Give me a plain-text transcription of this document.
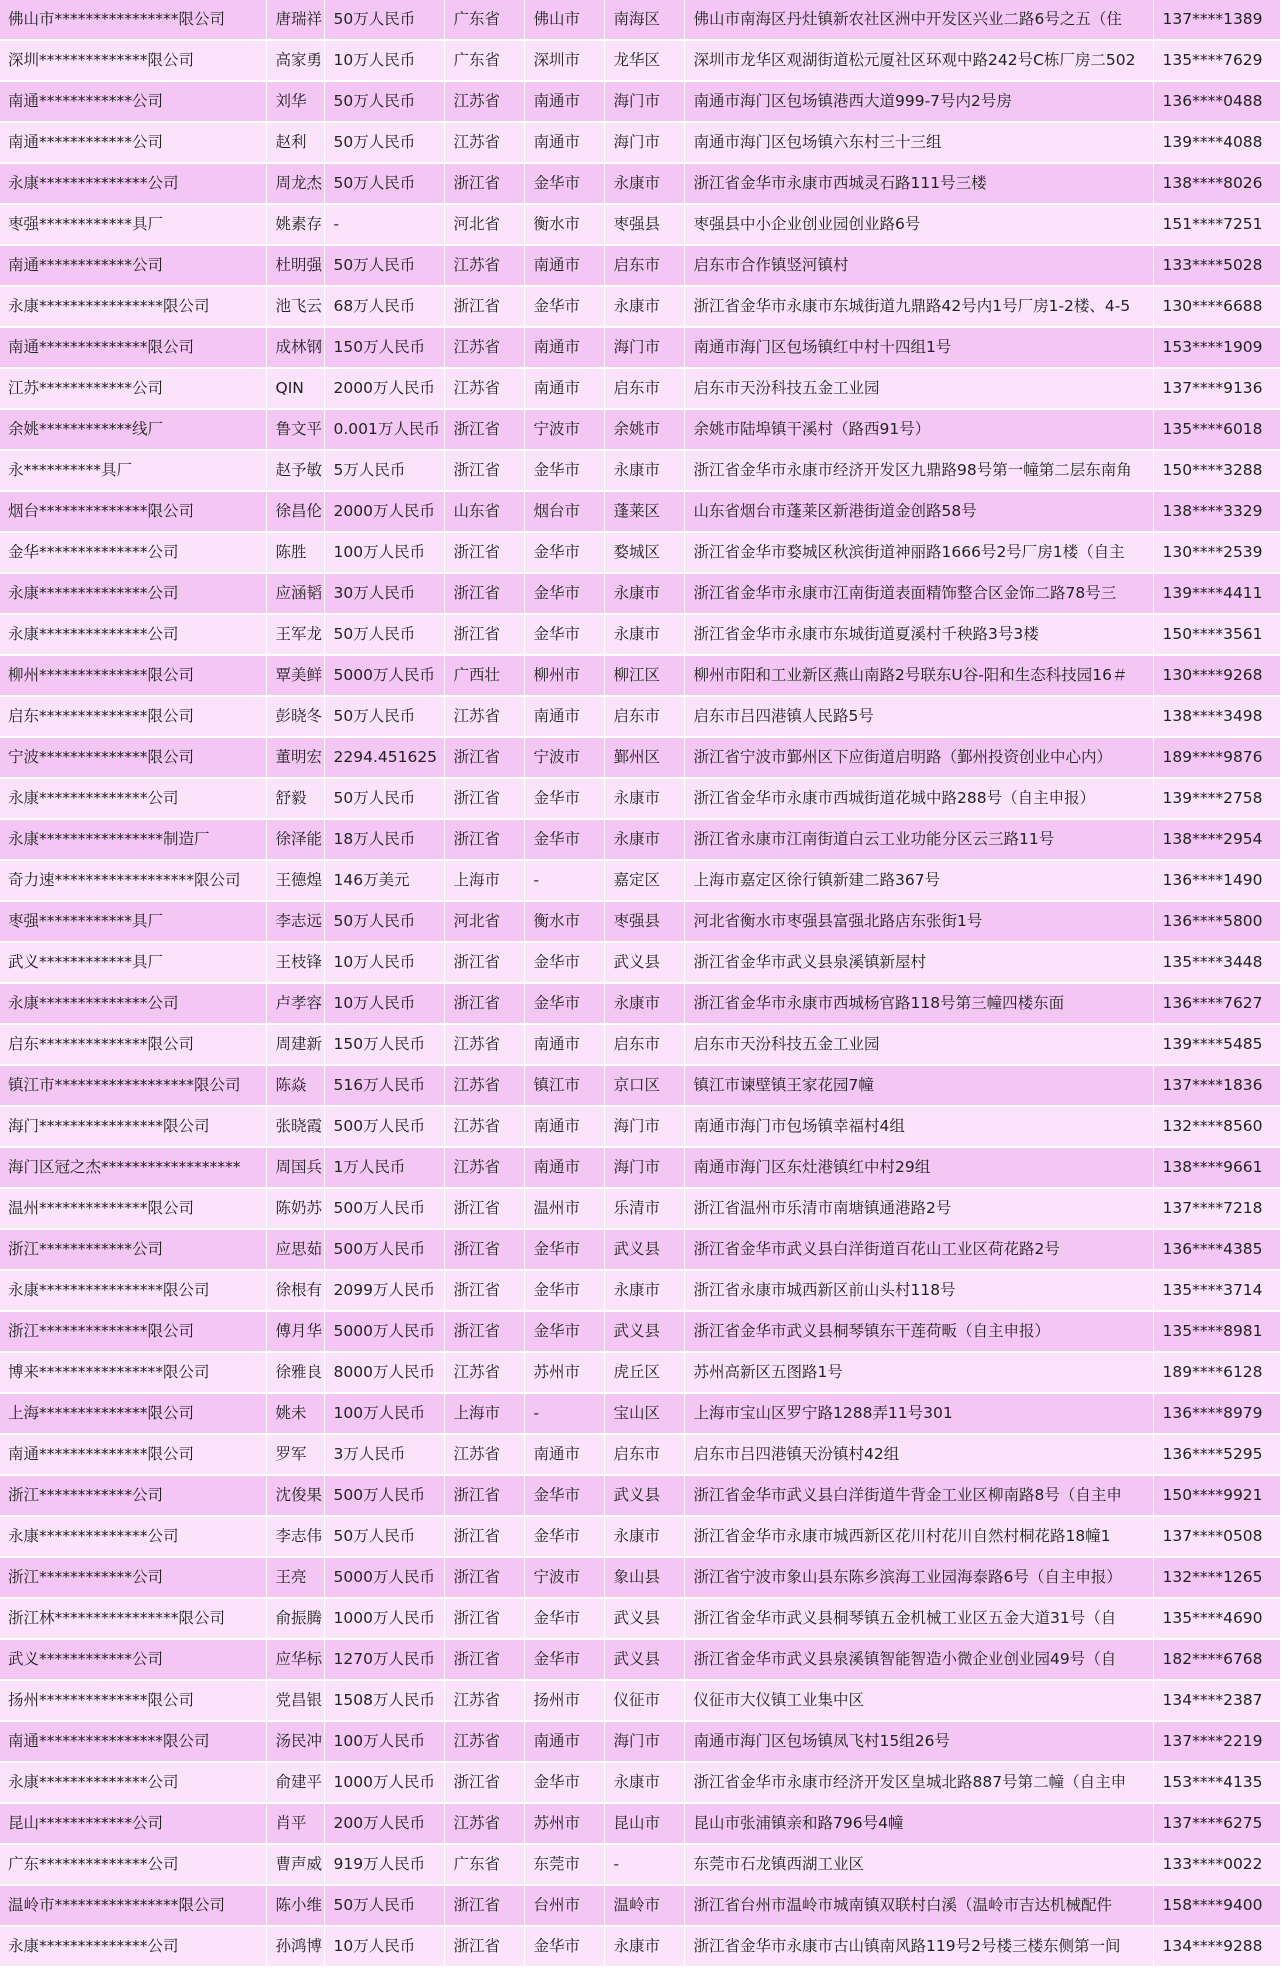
佛山市****************限公司	唐瑞祥	50万人民币	广东省	佛山市	南海区	佛山市南海区丹灶镇新农社区洲中开发区兴业二路6号之五（住	137****1389
深圳**************限公司	高家勇	10万人民币	广东省	深圳市	龙华区	深圳市龙华区观湖街道松元厦社区环观中路242号C栋厂房二502	135****7629
南通************公司	刘华	50万人民币	江苏省	南通市	海门市	南通市海门区包场镇港西大道999-7号内2号房	136****0488
南通************公司	赵利	50万人民币	江苏省	南通市	海门市	南通市海门区包场镇六东村三十三组	139****4088
永康**************公司	周龙杰	50万人民币	浙江省	金华市	永康市	浙江省金华市永康市西城灵石路111号三楼	138****8026
枣强************具厂	姚素存	-	河北省	衡水市	枣强县	枣强县中小企业创业园创业路6号	151****7251
南通************公司	杜明强	50万人民币	江苏省	南通市	启东市	启东市合作镇竖河镇村	133****5028
永康****************限公司	池飞云	68万人民币	浙江省	金华市	永康市	浙江省金华市永康市东城街道九鼎路42号内1号厂房1-2楼、4-5	130****6688
南通**************限公司	成林钢	150万人民币	江苏省	南通市	海门市	南通市海门区包场镇红中村十四组1号	153****1909
江苏************公司	QIN	2000万人民币	江苏省	南通市	启东市	启东市天汾科技五金工业园	137****9136
余姚************线厂	鲁文平	0.001万人民币	浙江省	宁波市	余姚市	余姚市陆埠镇干溪村（路西91号）	135****6018
永**********具厂	赵予敏	5万人民币	浙江省	金华市	永康市	浙江省金华市永康市经济开发区九鼎路98号第一幢第二层东南角	150****3288
烟台**************限公司	徐昌伦	2000万人民币	山东省	烟台市	蓬莱区	山东省烟台市蓬莱区新港街道金创路58号	138****3329
金华**************公司	陈胜	100万人民币	浙江省	金华市	婺城区	浙江省金华市婺城区秋滨街道神丽路1666号2号厂房1楼（自主	130****2539
永康**************公司	应涵韬	30万人民币	浙江省	金华市	永康市	浙江省金华市永康市江南街道表面精饰整合区金饰二路78号三	139****4411
永康**************公司	王军龙	50万人民币	浙江省	金华市	永康市	浙江省金华市永康市东城街道夏溪村千秧路3号3楼	150****3561
柳州**************限公司	覃美鲜	5000万人民币	广西壮	柳州市	柳江区	柳州市阳和工业新区燕山南路2号联东U谷-阳和生态科技园16＃	130****9268
启东**************限公司	彭晓冬	50万人民币	江苏省	南通市	启东市	启东市吕四港镇人民路5号	138****3498
宁波**************限公司	董明宏	2294.451625	浙江省	宁波市	鄞州区	浙江省宁波市鄞州区下应街道启明路（鄞州投资创业中心内）	189****9876
永康**************公司	舒毅	50万人民币	浙江省	金华市	永康市	浙江省金华市永康市西城街道花城中路288号（自主申报）	139****2758
永康****************制造厂	徐泽能	18万人民币	浙江省	金华市	永康市	浙江省永康市江南街道白云工业功能分区云三路11号	138****2954
奇力速******************限公司	王德煌	146万美元	上海市	-	嘉定区	上海市嘉定区徐行镇新建二路367号	136****1490
枣强************具厂	李志远	50万人民币	河北省	衡水市	枣强县	河北省衡水市枣强县富强北路店东张街1号	136****5800
武义************具厂	王枝锋	10万人民币	浙江省	金华市	武义县	浙江省金华市武义县泉溪镇新屋村	135****3448
永康**************公司	卢孝容	10万人民币	浙江省	金华市	永康市	浙江省金华市永康市西城杨官路118号第三幢四楼东面	136****7627
启东**************限公司	周建新	150万人民币	江苏省	南通市	启东市	启东市天汾科技五金工业园	139****5485
镇江市******************限公司	陈焱	516万人民币	江苏省	镇江市	京口区	镇江市谏壁镇王家花园7幢	137****1836
海门****************限公司	张晓霞	500万人民币	江苏省	南通市	海门市	南通市海门市包场镇幸福村4组	132****8560
海门区冠之杰******************	周国兵	1万人民币	江苏省	南通市	海门市	南通市海门区东灶港镇红中村29组	138****9661
温州**************限公司	陈奶苏	500万人民币	浙江省	温州市	乐清市	浙江省温州市乐清市南塘镇通港路2号	137****7218
浙江************公司	应思茹	500万人民币	浙江省	金华市	武义县	浙江省金华市武义县白洋街道百花山工业区荷花路2号	136****4385
永康****************限公司	徐根有	2099万人民币	浙江省	金华市	永康市	浙江省永康市城西新区前山头村118号	135****3714
浙江**************限公司	傅月华	5000万人民币	浙江省	金华市	武义县	浙江省金华市武义县桐琴镇东干莲荷畈（自主申报）	135****8981
博来****************限公司	徐雅良	8000万人民币	江苏省	苏州市	虎丘区	苏州高新区五图路1号	189****6128
上海**************限公司	姚未	100万人民币	上海市	-	宝山区	上海市宝山区罗宁路1288弄11号301	136****8979
南通**************限公司	罗军	3万人民币	江苏省	南通市	启东市	启东市吕四港镇天汾镇村42组	136****5295
浙江************公司	沈俊果	500万人民币	浙江省	金华市	武义县	浙江省金华市武义县白洋街道牛背金工业区柳南路8号（自主申	150****9921
永康**************公司	李志伟	50万人民币	浙江省	金华市	永康市	浙江省金华市永康市城西新区花川村花川自然村桐花路18幢1	137****0508
浙江************公司	王亮	5000万人民币	浙江省	宁波市	象山县	浙江省宁波市象山县东陈乡滨海工业园海泰路6号（自主申报）	132****1265
浙江林****************限公司	俞振腾	1000万人民币	浙江省	金华市	武义县	浙江省金华市武义县桐琴镇五金机械工业区五金大道31号（自	135****4690
武义************公司	应华标	1270万人民币	浙江省	金华市	武义县	浙江省金华市武义县泉溪镇智能智造小微企业创业园49号（自	182****6768
扬州**************限公司	党昌银	1508万人民币	江苏省	扬州市	仪征市	仪征市大仪镇工业集中区	134****2387
南通****************限公司	汤民冲	100万人民币	江苏省	南通市	海门市	南通市海门区包场镇凤飞村15组26号	137****2219
永康**************公司	俞建平	1000万人民币	浙江省	金华市	永康市	浙江省金华市永康市经济开发区皇城北路887号第二幢（自主申	153****4135
昆山************公司	肖平	200万人民币	江苏省	苏州市	昆山市	昆山市张浦镇亲和路796号4幢	137****6275
广东**************公司	曹声威	919万人民币	广东省	东莞市	-	东莞市石龙镇西湖工业区	133****0022
温岭市****************限公司	陈小维	50万人民币	浙江省	台州市	温岭市	浙江省台州市温岭市城南镇双联村白溪（温岭市吉达机械配件	158****9400
永康**************公司	孙鸿博	10万人民币	浙江省	金华市	永康市	浙江省金华市永康市古山镇南风路119号2号楼三楼东侧第一间	134****9288
